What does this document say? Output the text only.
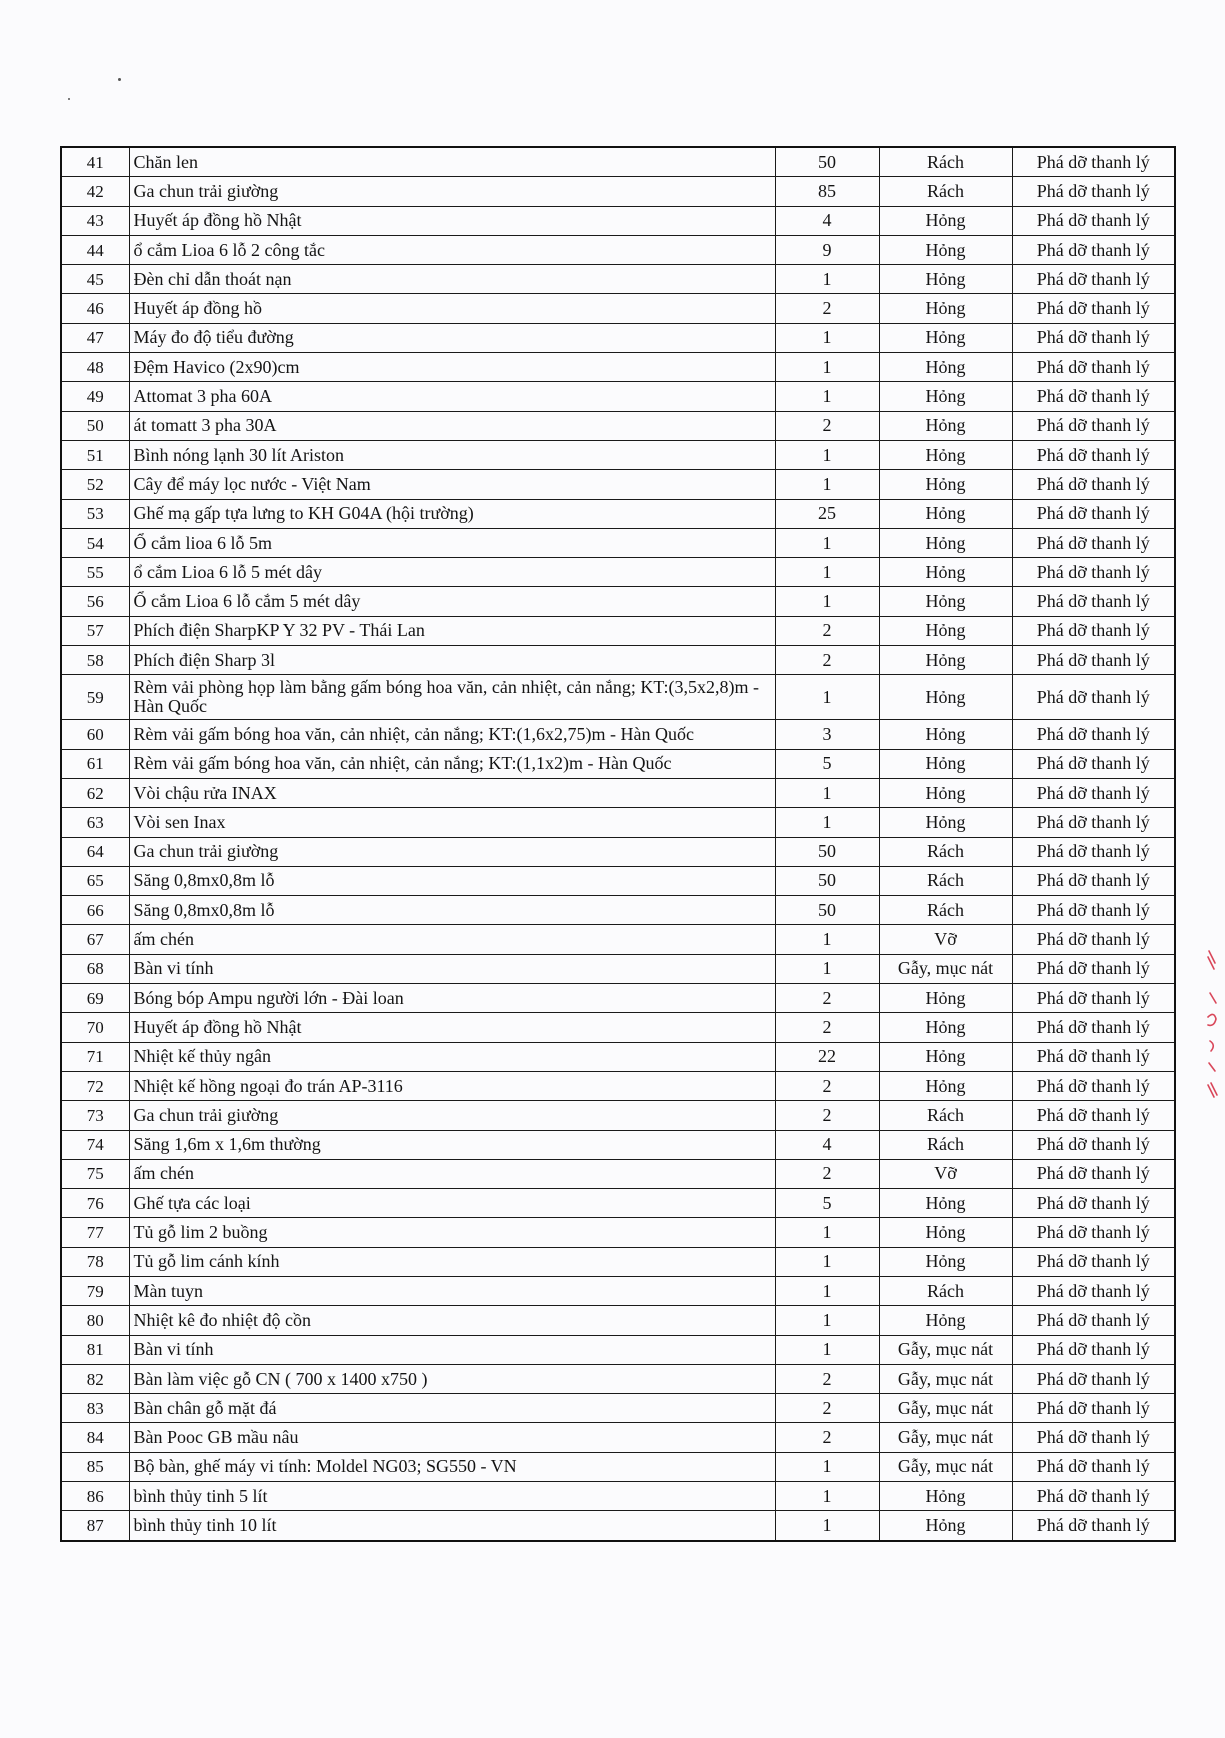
41	Chăn len	50	Rách	Phá dỡ thanh lý
42	Ga chun trải giường	85	Rách	Phá dỡ thanh lý
43	Huyết áp đồng hồ Nhật	4	Hỏng	Phá dỡ thanh lý
44	ổ cắm Lioa 6 lỗ 2 công tắc	9	Hỏng	Phá dỡ thanh lý
45	Đèn chỉ dẫn thoát nạn	1	Hỏng	Phá dỡ thanh lý
46	Huyết áp đồng hồ	2	Hỏng	Phá dỡ thanh lý
47	Máy đo độ tiểu đường	1	Hỏng	Phá dỡ thanh lý
48	Đệm Havico (2x90)cm	1	Hỏng	Phá dỡ thanh lý
49	Attomat 3 pha 60A	1	Hỏng	Phá dỡ thanh lý
50	át tomatt 3 pha 30A	2	Hỏng	Phá dỡ thanh lý
51	Bình nóng lạnh 30 lít Ariston	1	Hỏng	Phá dỡ thanh lý
52	Cây để máy lọc nước - Việt Nam	1	Hỏng	Phá dỡ thanh lý
53	Ghế mạ gấp tựa lưng to KH G04A (hội trường)	25	Hỏng	Phá dỡ thanh lý
54	Ổ cắm lioa 6 lỗ 5m	1	Hỏng	Phá dỡ thanh lý
55	ổ cắm Lioa 6 lỗ 5 mét dây	1	Hỏng	Phá dỡ thanh lý
56	Ổ cắm Lioa 6 lỗ cắm 5 mét dây	1	Hỏng	Phá dỡ thanh lý
57	Phích điện SharpKP Y 32 PV - Thái Lan	2	Hỏng	Phá dỡ thanh lý
58	Phích điện Sharp 3l	2	Hỏng	Phá dỡ thanh lý
59	Rèm vải phòng họp làm bằng gấm bóng hoa văn, cản nhiệt, cản nắng; KT:(3,5x2,8)m - Hàn Quốc	1	Hỏng	Phá dỡ thanh lý
60	Rèm vải gấm bóng hoa văn, cản nhiệt, cản nắng; KT:(1,6x2,75)m - Hàn Quốc	3	Hỏng	Phá dỡ thanh lý
61	Rèm vải gấm bóng hoa văn, cản nhiệt, cản nắng; KT:(1,1x2)m - Hàn Quốc	5	Hỏng	Phá dỡ thanh lý
62	Vòi chậu rửa INAX	1	Hỏng	Phá dỡ thanh lý
63	Vòi sen Inax	1	Hỏng	Phá dỡ thanh lý
64	Ga chun trải giường	50	Rách	Phá dỡ thanh lý
65	Săng 0,8mx0,8m lỗ	50	Rách	Phá dỡ thanh lý
66	Săng 0,8mx0,8m lỗ	50	Rách	Phá dỡ thanh lý
67	ấm chén	1	Vỡ	Phá dỡ thanh lý
68	Bàn vi tính	1	Gẫy, mục nát	Phá dỡ thanh lý
69	Bóng bóp Ampu người lớn - Đài loan	2	Hỏng	Phá dỡ thanh lý
70	Huyết áp đồng hồ Nhật	2	Hỏng	Phá dỡ thanh lý
71	Nhiệt kế thủy ngân	22	Hỏng	Phá dỡ thanh lý
72	Nhiệt kế hồng ngoại đo trán AP-3116	2	Hỏng	Phá dỡ thanh lý
73	Ga chun trải giường	2	Rách	Phá dỡ thanh lý
74	Săng 1,6m x 1,6m thường	4	Rách	Phá dỡ thanh lý
75	ấm chén	2	Vỡ	Phá dỡ thanh lý
76	Ghế tựa các loại	5	Hỏng	Phá dỡ thanh lý
77	Tủ gỗ lim 2 buồng	1	Hỏng	Phá dỡ thanh lý
78	Tủ gỗ lim cánh kính	1	Hỏng	Phá dỡ thanh lý
79	Màn tuyn	1	Rách	Phá dỡ thanh lý
80	Nhiệt kê đo nhiệt độ cồn	1	Hỏng	Phá dỡ thanh lý
81	Bàn vi tính	1	Gẫy, mục nát	Phá dỡ thanh lý
82	Bàn làm việc gỗ CN ( 700 x 1400 x750 )	2	Gẫy, mục nát	Phá dỡ thanh lý
83	Bàn chân gỗ mặt đá	2	Gẫy, mục nát	Phá dỡ thanh lý
84	Bàn Pooc GB mầu nâu	2	Gẫy, mục nát	Phá dỡ thanh lý
85	Bộ bàn, ghế máy vi tính: Moldel NG03; SG550 - VN	1	Gẫy, mục nát	Phá dỡ thanh lý
86	bình thủy tinh 5 lít	1	Hỏng	Phá dỡ thanh lý
87	bình thủy tinh 10 lít	1	Hỏng	Phá dỡ thanh lý
